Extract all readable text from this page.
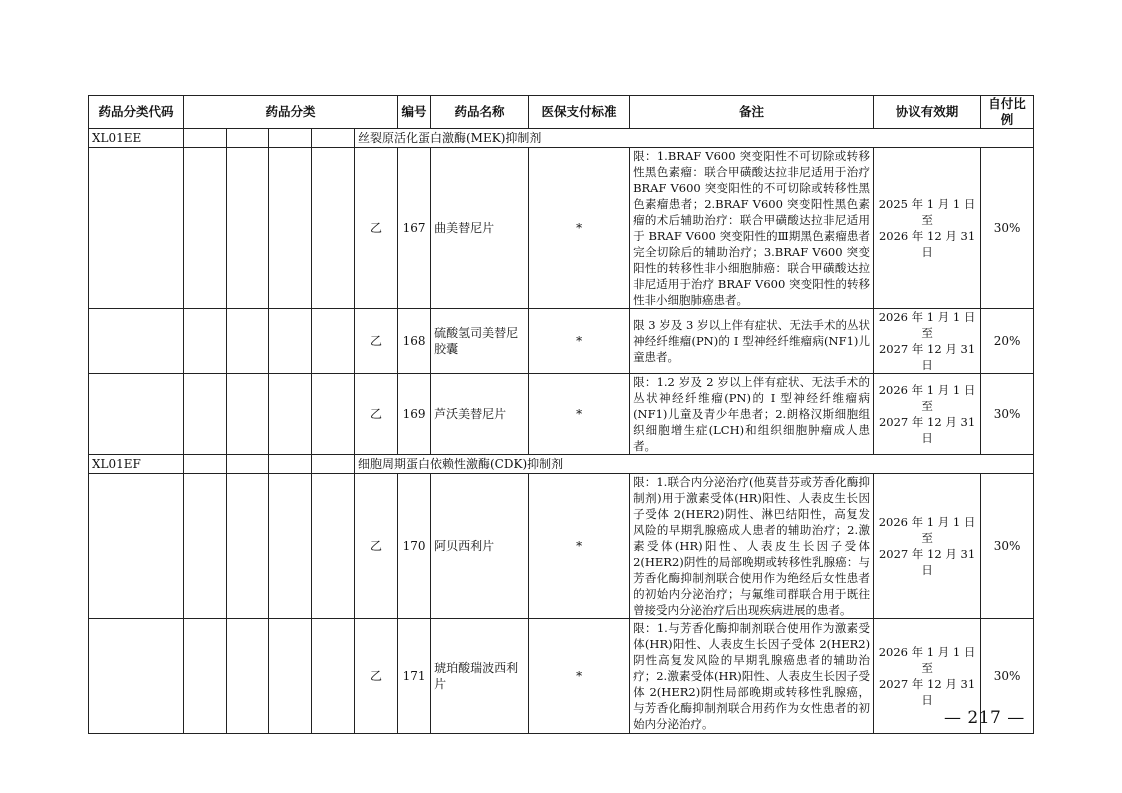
药品分类代码	药品分类					编号	药品名称	医保支付标准	备注	协议有效期	自付比例
XL01EE					丝裂原活化蛋白激酶(MEK)抑制剂						
					乙	167	曲美替尼片	*	限：1.BRAF V600 突变阳性不可切除或转移性黑色素瘤：联合甲磺酸达拉非尼适用于治疗 BRAF V600 突变阳性的不可切除或转移性黑色素瘤患者；2.BRAF V600 突变阳性黑色素瘤的术后辅助治疗：联合甲磺酸达拉非尼适用于 BRAF V600 突变阳性的Ⅲ期黑色素瘤患者完全切除后的辅助治疗；3.BRAF V600 突变阳性的转移性非小细胞肺癌：联合甲磺酸达拉非尼适用于治疗 BRAF V600 突变阳性的转移性非小细胞肺癌患者。	2025 年 1 月 1 日至
2026 年 12 月 31 日	30%
					乙	168	硫酸氢司美替尼胶囊	*	限 3 岁及 3 岁以上伴有症状、无法手术的丛状神经纤维瘤(PN)的 I 型神经纤维瘤病(NF1)儿童患者。	2026 年 1 月 1 日至
2027 年 12 月 31 日	20%
					乙	169	芦沃美替尼片	*	限：1.2 岁及 2 岁以上伴有症状、无法手术的丛状神经纤维瘤(PN)的 I 型神经纤维瘤病(NF1)儿童及青少年患者；2.朗格汉斯细胞组织细胞增生症(LCH)和组织细胞肿瘤成人患者。	2026 年 1 月 1 日至
2027 年 12 月 31 日	30%
XL01EF					细胞周期蛋白依赖性激酶(CDK)抑制剂						
					乙	170	阿贝西利片	*	限：1.联合内分泌治疗(他莫昔芬或芳香化酶抑制剂)用于激素受体(HR)阳性、人表皮生长因子受体 2(HER2)阴性、淋巴结阳性，高复发风险的早期乳腺癌成人患者的辅助治疗；2.激素受体(HR)阳性、人表皮生长因子受体 2(HER2)阴性的局部晚期或转移性乳腺癌：与芳香化酶抑制剂联合使用作为绝经后女性患者的初始内分泌治疗；与氟维司群联合用于既往曾接受内分泌治疗后出现疾病进展的患者。	2026 年 1 月 1 日至
2027 年 12 月 31 日	30%
					乙	171	琥珀酸瑞波西利片	*	限：1.与芳香化酶抑制剂联合使用作为激素受体(HR)阳性、人表皮生长因子受体 2(HER2)阴性高复发风险的早期乳腺癌患者的辅助治疗；2.激素受体(HR)阳性、人表皮生长因子受体 2(HER2)阴性局部晚期或转移性乳腺癌，与芳香化酶抑制剂联合用药作为女性患者的初始内分泌治疗。	2026 年 1 月 1 日至
2027 年 12 月 31 日	30%
— 217 —
